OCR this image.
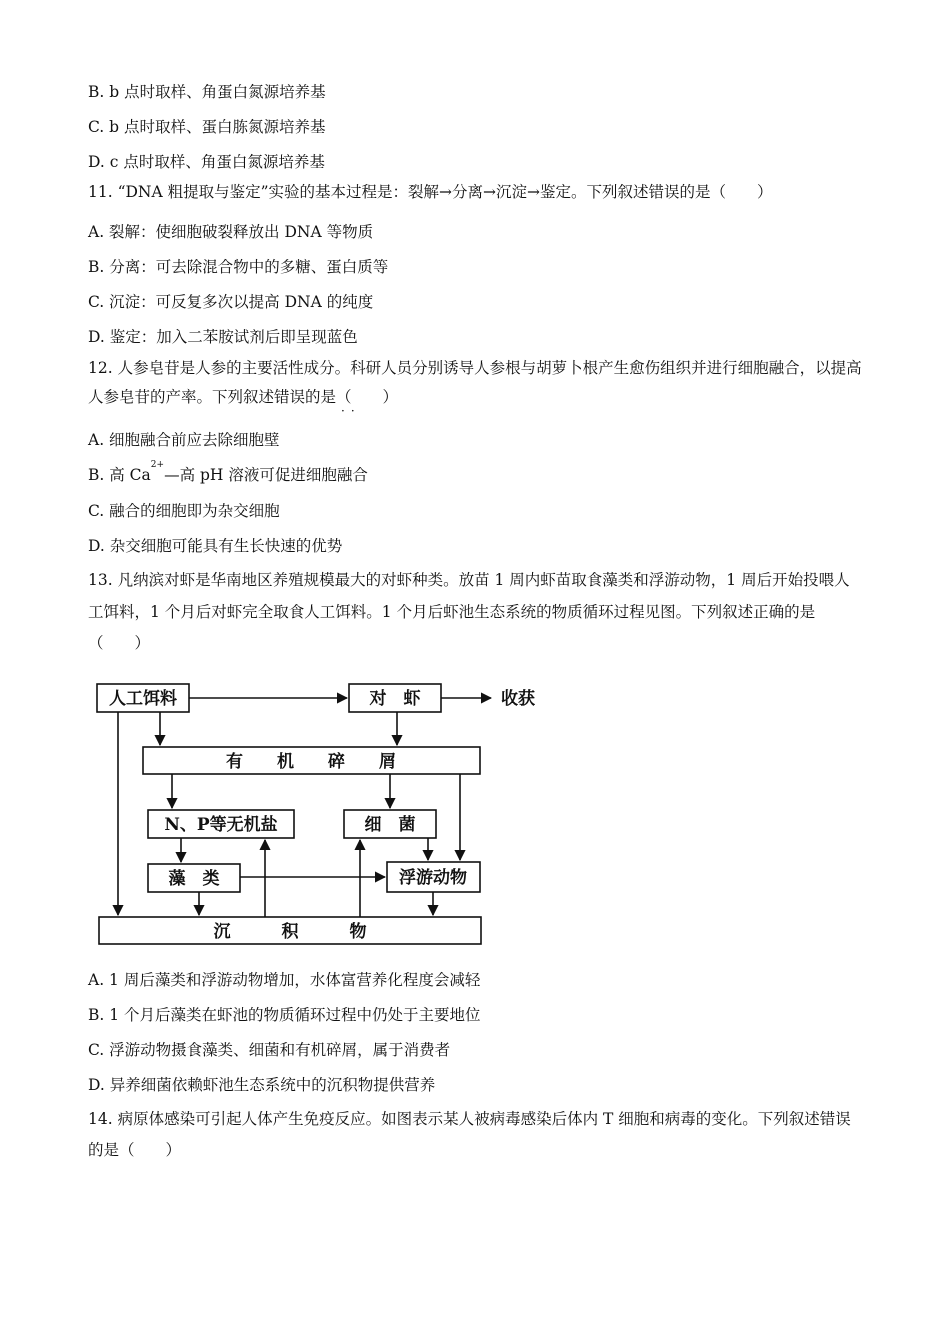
B. b 点时取样、角蛋白氮源培养基
C. b 点时取样、蛋白胨氮源培养基
D. c 点时取样、角蛋白氮源培养基
11. “DNA 粗提取与鉴定”实验的基本过程是：裂解→分离→沉淀→鉴定。下列叙述错误的是（　　）
A. 裂解：使细胞破裂释放出 DNA 等物质
B. 分离：可去除混合物中的多糖、蛋白质等
C. 沉淀：可反复多次以提高 DNA 的纯度
D. 鉴定：加入二苯胺试剂后即呈现蓝色
12. 人参皂苷是人参的主要活性成分。科研人员分别诱导人参根与胡萝卜根产生愈伤组织并进行细胞融合，以提高人参皂苷的产率。下列叙述错误的是（　　）
··
A. 细胞融合前应去除细胞壁
B. 高 $Ca^{2+}—$高 pH 溶液可促进细胞融合
C. 融合的细胞即为杂交细胞
D. 杂交细胞可能具有生长快速的优势
13. 凡纳滨对虾是华南地区养殖规模最大的对虾种类。放苗 1 周内虾苗取食藻类和浮游动物，1 周后开始投喂人工饵料，1 个月后对虾完全取食人工饵料。1 个月后虾池生态系统的物质循环过程见图。下列叙述正确的是（　　）
人工饵料	对　虾	收获
有　　机　　碎　　屑
N、P等无机盐	细　菌
藻　类	浮游动物
沉　　　积　　　物
A. 1 周后藻类和浮游动物增加，水体富营养化程度会减轻
B. 1 个月后藻类在虾池的物质循环过程中仍处于主要地位
C. 浮游动物摄食藻类、细菌和有机碎屑，属于消费者
D. 异养细菌依赖虾池生态系统中的沉积物提供营养
14. 病原体感染可引起人体产生免疫反应。如图表示某人被病毒感染后体内 T 细胞和病毒的变化。下列叙述错误的是（　　）
